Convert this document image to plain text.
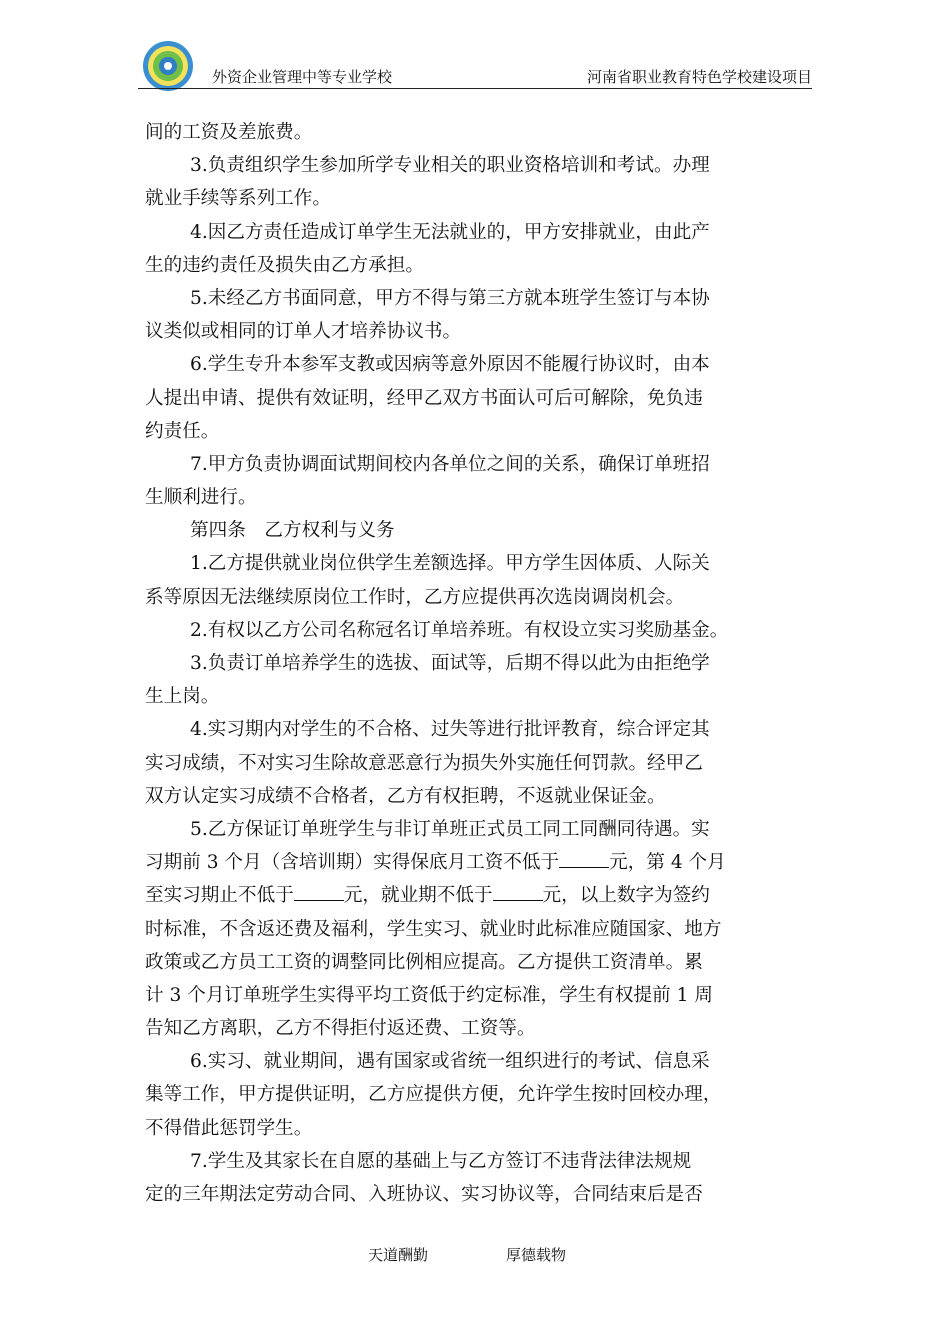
外资企业管理中等专业学校	河南省职业教育特色学校建设项目
间的工资及差旅费。
3.负责组织学生参加所学专业相关的职业资格培训和考试。办理
就业手续等系列工作。
4.因乙方责任造成订单学生无法就业的，甲方安排就业，由此产
生的违约责任及损失由乙方承担。
5.未经乙方书面同意，甲方不得与第三方就本班学生签订与本协
议类似或相同的订单人才培养协议书。
6.学生专升本参军支教或因病等意外原因不能履行协议时，由本
人提出申请、提供有效证明，经甲乙双方书面认可后可解除，免负违
约责任。
7.甲方负责协调面试期间校内各单位之间的关系，确保订单班招
生顺利进行。
第四条　乙方权利与义务
1.乙方提供就业岗位供学生差额选择。甲方学生因体质、人际关
系等原因无法继续原岗位工作时，乙方应提供再次选岗调岗机会。
2.有权以乙方公司名称冠名订单培养班。有权设立实习奖励基金。
3.负责订单培养学生的选拔、面试等，后期不得以此为由拒绝学
生上岗。
4.实习期内对学生的不合格、过失等进行批评教育，综合评定其
实习成绩，不对实习生除故意恶意行为损失外实施任何罚款。经甲乙
双方认定实习成绩不合格者，乙方有权拒聘，不返就业保证金。
5.乙方保证订单班学生与非订单班正式员工同工同酬同待遇。实
习期前 3 个月（含培训期）实得保底月工资不低于	元，第 4 个月
至实习期止不低于	元，就业期不低于	元，以上数字为签约
时标准，不含返还费及福利，学生实习、就业时此标准应随国家、地方
政策或乙方员工工资的调整同比例相应提高。乙方提供工资清单。累
计 3 个月订单班学生实得平均工资低于约定标准，学生有权提前 1 周
告知乙方离职，乙方不得拒付返还费、工资等。
6.实习、就业期间，遇有国家或省统一组织进行的考试、信息采
集等工作，甲方提供证明，乙方应提供方便，允许学生按时回校办理，
不得借此惩罚学生。
7.学生及其家长在自愿的基础上与乙方签订不违背法律法规规
定的三年期法定劳动合同、入班协议、实习协议等，合同结束后是否
天道酬勤	厚德载物
